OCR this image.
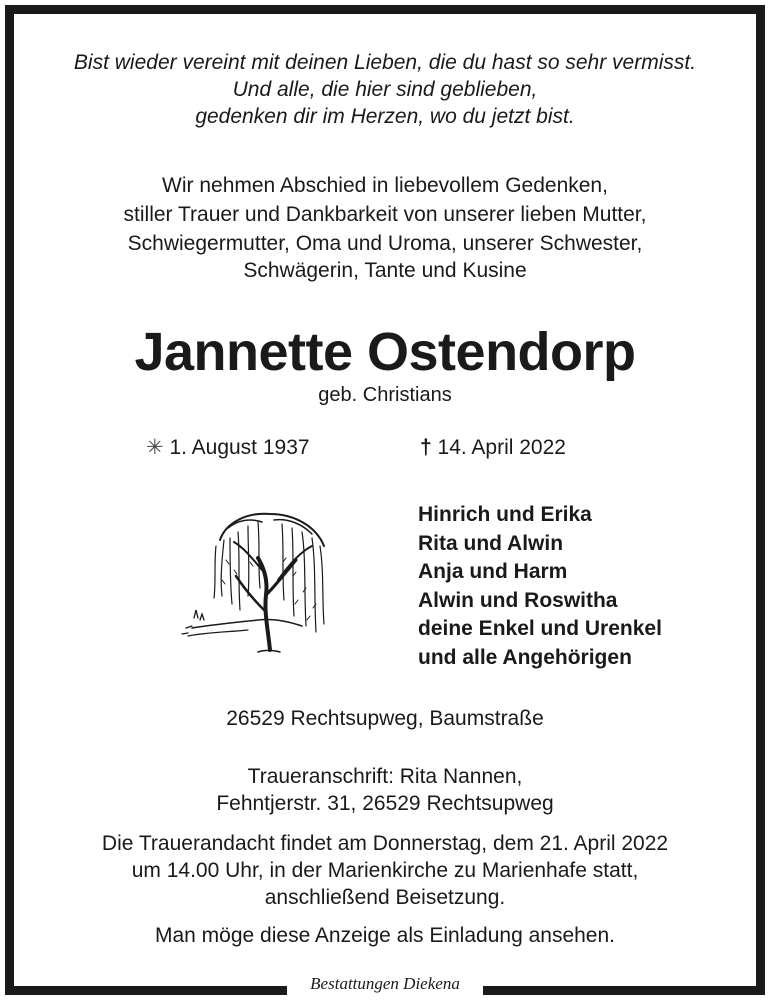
Bist wieder vereint mit deinen Lieben, die du hast so sehr vermisst.
Und alle, die hier sind geblieben,
gedenken dir im Herzen, wo du jetzt bist.
Wir nehmen Abschied in liebevollem Gedenken,
stiller Trauer und Dankbarkeit von unserer lieben Mutter,
Schwiegermutter, Oma und Uroma, unserer Schwester,
Schwägerin, Tante und Kusine
Jannette Ostendorp
geb. Christians
✳ 1. August 1937	† 14. April 2022
Hinrich und Erika
Rita und Alwin
Anja und Harm
Alwin und Roswitha
deine Enkel und Urenkel
und alle Angehörigen
26529 Rechtsupweg, Baumstraße
Traueranschrift: Rita Nannen,
Fehntjerstr. 31, 26529 Rechtsupweg
Die Trauerandacht findet am Donnerstag, dem 21. April 2022
um 14.00 Uhr, in der Marienkirche zu Marienhafe statt,
anschließend Beisetzung.
Man möge diese Anzeige als Einladung ansehen.
Bestattungen Diekena
